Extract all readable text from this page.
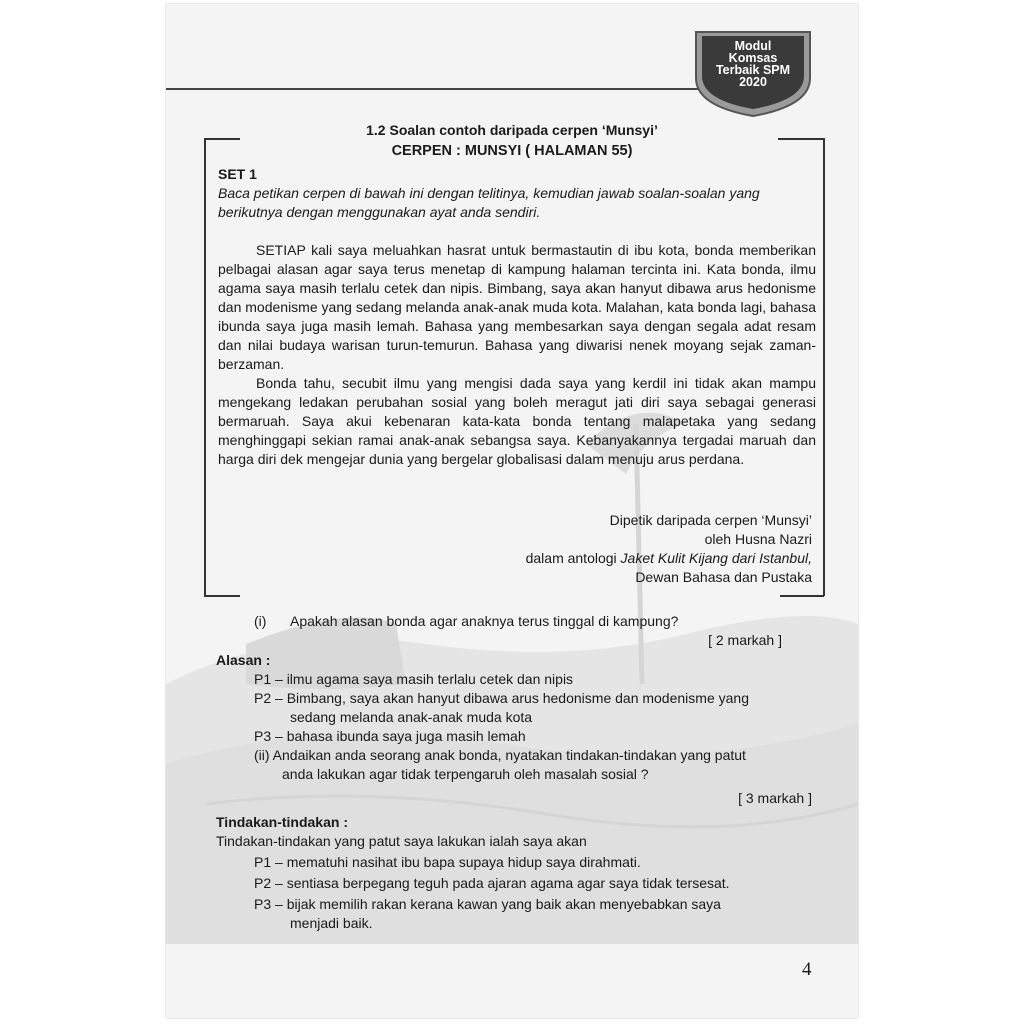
Modul
Komsas
Terbaik SPM
2020
1.2 Soalan contoh daripada cerpen ‘Munsyi’
CERPEN : MUNSYI ( HALAMAN 55)
SET 1
Baca petikan cerpen di bawah ini dengan telitinya, kemudian jawab soalan-soalan yang berikutnya dengan menggunakan ayat anda sendiri.

SETIAP kali saya meluahkan hasrat untuk bermastautin di ibu kota, bonda memberikan pelbagai alasan agar saya terus menetap di kampung halaman tercinta ini. Kata bonda, ilmu agama saya masih terlalu cetek dan nipis. Bimbang, saya akan hanyut dibawa arus hedonisme dan modenisme yang sedang melanda anak-anak muda kota. Malahan, kata bonda lagi, bahasa ibunda saya juga masih lemah. Bahasa yang membesarkan saya dengan segala adat resam dan nilai budaya warisan turun-temurun. Bahasa yang diwarisi nenek moyang sejak zaman-berzaman.

Bonda tahu, secubit ilmu yang mengisi dada saya yang kerdil ini tidak akan mampu mengekang ledakan perubahan sosial yang boleh meragut jati diri saya sebagai generasi bermaruah. Saya akui kebenaran kata-kata bonda tentang malapetaka yang sedang menghinggapi sekian ramai anak-anak sebangsa saya. Kebanyakannya tergadai maruah dan harga diri dek mengejar dunia yang bergelar globalisasi dalam menuju arus perdana.

Dipetik daripada cerpen ‘Munsyi’
oleh Husna Nazri
dalam antologi Jaket Kulit Kijang dari Istanbul,
Dewan Bahasa dan Pustaka
(i) Apakah alasan bonda agar anaknya terus tinggal di kampung?
[ 2 markah ]
Alasan :
P1 – ilmu agama saya masih terlalu cetek dan nipis
P2 – Bimbang, saya akan hanyut dibawa arus hedonisme dan modenisme yang
sedang melanda anak-anak muda kota
P3 – bahasa ibunda saya juga masih lemah
(ii) Andaikan anda seorang anak bonda, nyatakan tindakan-tindakan yang patut
anda lakukan agar tidak terpengaruh oleh masalah sosial ?
[ 3 markah ]
Tindakan-tindakan :
Tindakan-tindakan yang patut saya lakukan ialah saya akan
P1 – mematuhi nasihat ibu bapa supaya hidup saya dirahmati.
P2 – sentiasa berpegang teguh pada ajaran agama agar saya tidak tersesat.
P3 – bijak memilih rakan kerana kawan yang baik akan menyebabkan saya
menjadi baik.
4
